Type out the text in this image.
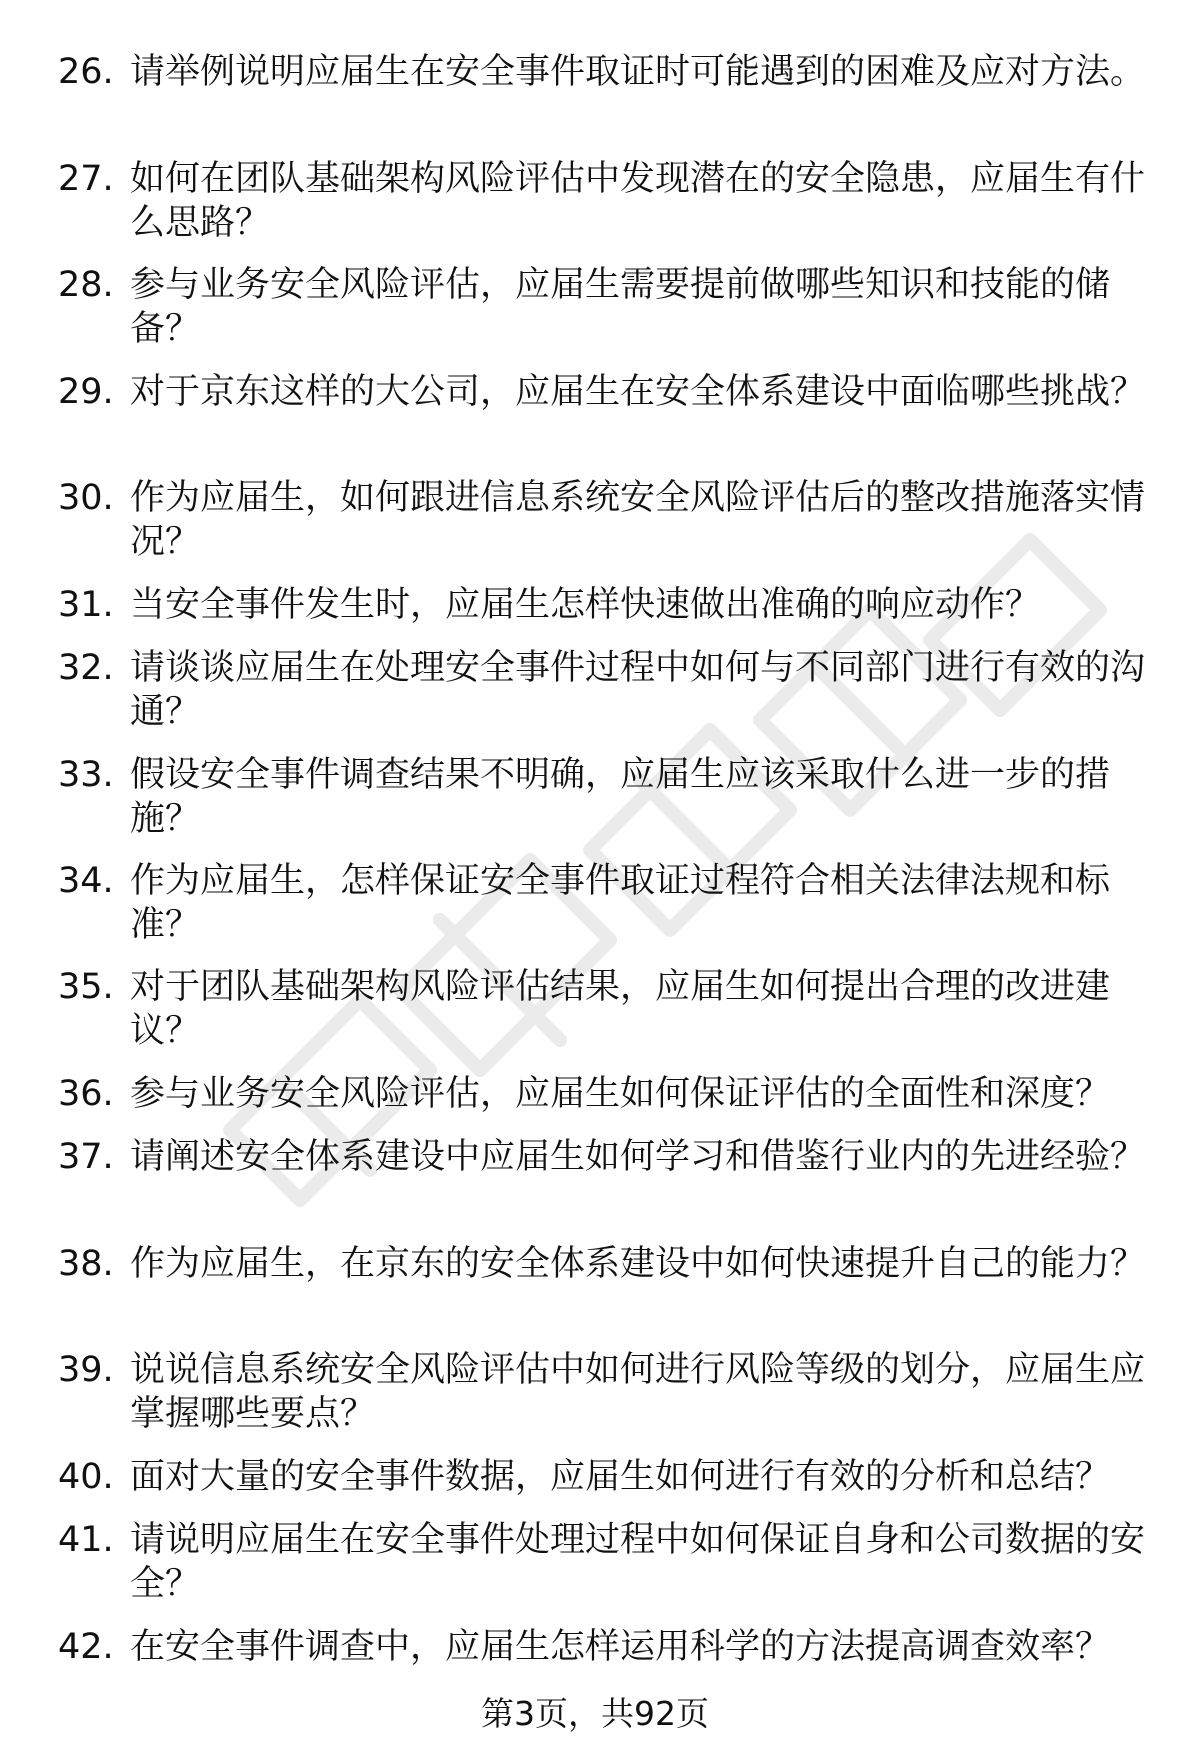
26. 请举例说明应届生在安全事件取证时可能遇到的困难及应对方法。
27. 如何在团队基础架构风险评估中发现潜在的安全隐患，应届生有什么思路？
28. 参与业务安全风险评估，应届生需要提前做哪些知识和技能的储备？
29. 对于京东这样的大公司，应届生在安全体系建设中面临哪些挑战？
30. 作为应届生，如何跟进信息系统安全风险评估后的整改措施落实情况？
31. 当安全事件发生时，应届生怎样快速做出准确的响应动作？
32. 请谈谈应届生在处理安全事件过程中如何与不同部门进行有效的沟通？
33. 假设安全事件调查结果不明确，应届生应该采取什么进一步的措施？
34. 作为应届生，怎样保证安全事件取证过程符合相关法律法规和标准？
35. 对于团队基础架构风险评估结果，应届生如何提出合理的改进建议？
36. 参与业务安全风险评估，应届生如何保证评估的全面性和深度？
37. 请阐述安全体系建设中应届生如何学习和借鉴行业内的先进经验？
38. 作为应届生，在京东的安全体系建设中如何快速提升自己的能力？
39. 说说信息系统安全风险评估中如何进行风险等级的划分，应届生应掌握哪些要点？
40. 面对大量的安全事件数据，应届生如何进行有效的分析和总结？
41. 请说明应届生在安全事件处理过程中如何保证自身和公司数据的安全？
42. 在安全事件调查中，应届生怎样运用科学的方法提高调查效率？
第3页，共92页
